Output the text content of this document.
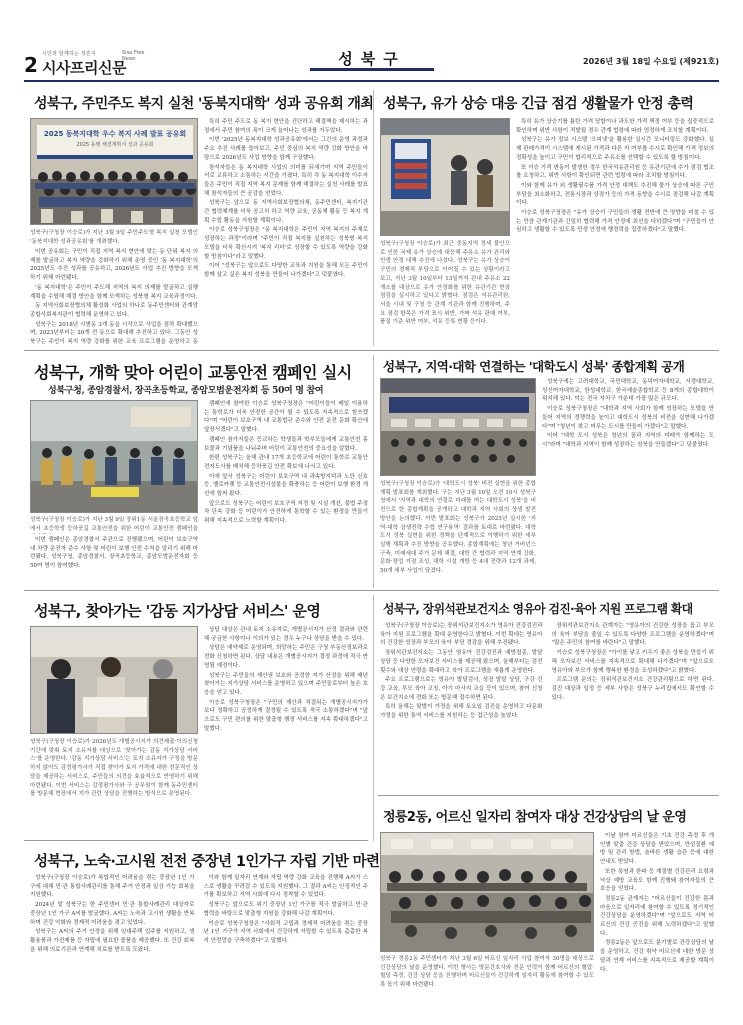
2 시민과 함께하는 정론지
시사프리신문
Sisa Free News	성북구	2026년 3월 18일 수요일 (제921호)
성북구, 주민주도 복지 실천 '동북지대학' 성과 공유회 개최
2025 동북지대학 우수 복지 사례 발표 공유회
2025 동행 해결계획서 성과 공유회
성북구(구청장 이승로)가 지난 3월 9일 주민주도형 복지 실천 모델인 '동북지대학 성과공유회'를 개최했다.

이번 공유회는 구민이 직접 지역 복지 현안에 맞는 동 단위 복지 의제를 발굴하고 복지 역량을 강화하기 위해 운영 중인 '동 복지대학'의 2025년도 추진 성과를 공유하고, 2026년도 사업 추진 방향을 모색하기 위해 마련됐다.

'동 복지대학'은 주민이 주도해 지역의 복지 의제를 발굴하고 실행 계획을 수립해 해결 방안을 함께 모색하는 성북형 복지 교육과정이다.

동 지역사회보장협의체 활성화 사업의 하나로 동주민센터와 관계망 종합사회복지관이 협력해 운영하고 있다.

성북구는 2018년 시범동 3개 동을 시작으로 사업을 점차 확대했으며, 2023년부터는 20개 전 동으로 확대해 추진하고 있다. 그동안 성북구는 주민이 복지 역량 강화를 위한 교육 프로그램을 운영하고 동

특히 주민 주도로 동 복지 현안을 진단하고 해결책을 제시하는 과정에서 주민 참여의 폭이 크게 늘어나는 성과를 거두었다.

이번 '2025년 동복지대학 성과공유회'에서는 그간의 운영 과정과 주요 추진 사례를 돌아보고, 주민 중심의 복지 역량 강화 방안을 바탕으로 2026년도 사업 방향을 함께 구상했다.

참석자들은 동 복지대학 사업의 의미를 되새기며 지역 주민들이 서로 교류하고 소통하는 시간을 가졌다. 특히 각 동 복지대학 이수자들은 주민이 직접 지역 복지 문제를 함께 해결하는 실천 사례를 발표해 참석자들의 큰 공감을 얻었다.

성북구는 앞으로 동 지역사회보장협의체, 동주민센터, 복지기관 간 협력체계를 더욱 공고히 하고 역량 교육, 공동체 활동 등 복지 계획 수립 활동을 지원할 계획이다.

이승로 성북구청장은 "동 복지대학은 주민이 지역 복지의 주체로 성장하는 과정"이라며 "주민이 직접 복지를 실천하는 성북형 복지 모델을 더욱 확산시켜 '복지 리더'로 성장할 수 있도록 역량을 강화할 방침이다"라고 말했다.

이어 "성북구는 앞으로도 다양한 교육과 지원을 통해 모든 주민이 함께 살고 싶은 복지 성북을 만들어 나가겠다"고 덧붙였다.

성북구, 유가 상승 대응 긴급 점검 생활물가 안정 총력
성북구(구청장 이승로)가 최근 중동지역 정세 불안으로 인한 국제 유가 상승에 대응해 주유소 유가 관리와 민생 안정 대책 추진에 나섰다. 성북구는 유가 상승이 구민의 경제적 부담으로 이어질 수 있는 상황이라고 보고, 지난 3월 10일부터 13일까지 관내 주유소 22개소를 대상으로 유가 안정화를 위한 유관기관 현장 점검을 실시하고 있다고 밝혔다. 점검은 석유관리원, 서울 시내 및 구청 등 관계 기관과 함께 진행하며, 주요 점검 항목은 가격 표시 위반, 가짜 석유 판매 여부, 품질 기준 위반 여부, 석유 등록 현황 등이다.

특히 유가 상승기를 틈탄 가격 담합이나 과도한 가격 책정 여부 등을 집중적으로 확인하며 위반 사항이 적발될 경우 관계 법령에 따라 엄정하게 조치할 계획이다.

성북구는 유가 정보 시스템 '오피넷'을 활용한 실시간 모니터링도 강화했다. 실제 판매가격이 시스템에 게시된 가격과 다른 지 여부를 수시로 확인해 가격 정보의 정확성을 높이고 구민이 합리적으로 주유소를 선택할 수 있도록 할 방침이다.

또 이승 가격 변동이 발생한 경우 한국석유관리원 등 유관기관에 추가 점검 협조를 요청하고, 위반 사항이 확인되면 관련 법령에 따라 조치할 방침이다.

이와 함께 유가 외 생활필수품 가격 안정 대책도 추진해 물가 상승에 따른 구민 부담을 최소화하고, 전통시장과 상점가 등의 가격 동향을 수시로 점검해 나갈 계획이다.

이승로 성북구청장은 "유가 상승이 구민들의 생활 전반에 큰 영향을 미칠 수 있는 만큼 관계기관과 긴밀히 협력해 가격 안정에 최선을 다하겠다"며 "구민들이 안심하고 생활할 수 있도록 민생 안정에 행정력을 집중하겠다"고 말했다.

성북구, 개학 맞아 어린이 교통안전 캠페인 실시
성북구청, 종암경찰서, 장곡초등학교, 종암모범운전자회 등 50여 명 참여
성북구(구청장 이승로)가 지난 3월 9일 장위1동 서울장곡초등학교 앞에서 초등학생 등하굣길 교통안전을 위한 어린이 교통안전 캠페인을

이번 캠페인은 종암경찰서 주관으로 진행됐으며, 어린이 보호구역 내 차량 운전자 준수 사항 및 어린이 보행 안전 수칙을 알리기 위해 마련됐다. 성북구청, 종암경찰서, 장곡초등학교, 종암모범운전자회 등 50여 명이 참여했다.

캠페인에 참여한 이승로 성북구청장은 "어린이들이 매일 이용하는 통학로가 더욱 안전한 공간이 될 수 있도록 지속적으로 힘쓰겠다"며 "어린이 보호구역 내 교통법규 준수와 안전 운전 문화 확산에 앞장서겠다"고 말했다.

캠페인 참가자들은 등교하는 학생들과 학부모들에게 교통안전 홍보물과 기념품을 나눠주며 어린이 교통안전의 중요성을 알렸다.

한편 성북구는 올해 관내 17개 초등학교에 어린이 통학로 교통안전지도사를 배치해 등하굣길 안전 확보에 나서고 있다.

이에 앞서 성북구는 어린이 보호구역 내 과속방지턱과 노란 신호등, 옐로카펫 등 교통안전시설물을 확충하는 등 어린이 보행 환경 개선에 힘써 왔다.

앞으로도 성북구는 어린이 보호구역 지정 및 시설 개선, 불법 주정차 단속 강화 등 어린이가 안전하게 통학할 수 있는 환경을 만들기 위해 지속적으로 노력할 계획이다.

성북구, 지역·대학 연결하는 '대학도시 성북' 종합계획 공개
성북구(구청장 이승로)가 '대학도시 성북' 비전 실현을 위한 종합계획 발표회를 개최했다. 구는 지난 3월 10일 오전 10시 성북구청에서 '지역과 대학의 연결로 미래를 여는 대학도시 성북'을 비전으로 한 종합계획을 공개하고 대학과 지역 사회의 상생 발전 방안을 논의했다. 이번 발표회는 성북구가 2025년 실시한 '지역-대학 상생전략 수립 연구용역' 결과를 토대로 마련됐다. 대학도시 성북 실현을 위한 정책을 단계적으로 이행하기 위한 세부 실행 계획과 추진 방향을 공유했다. 종합계획에는 청년 거버넌스 구축, 미래세대 주거 문제 해결, 대학 간 협력과 지역 연계 강화, 문화·창업 거점 조성, 대학 시설 개방 등 4대 전략과 12개 과제, 50개 세부 사업이 담겼다.

성북구에는 고려대학교, 국민대학교, 동덕여자대학교, 서경대학교, 성신여자대학교, 한성대학교, 한국예술종합학교 등 8개의 종합대학이 위치해 있다. 이는 전국 자치구 가운데 가장 많은 규모다.

이승로 성북구청장은 "대학과 지역 사회가 함께 성장하는 모델을 만들어 지역의 경쟁력을 높이고 대학도시 성북의 비전을 실현해 나가겠다"며 "청년이 찾고 머무는 도시를 만들어 가겠다"고 말했다.

이어 "대학 도시 성북은 청년의 꿈과 지역의 미래가 함께하는 도시"라며 "대학과 지역이 함께 성장하는 성북을 만들겠다"고 덧붙였다.

성북구, 찾아가는 '감동 지가상담 서비스' 운영
성북구(구청장 이승로)가 2026년도 개별공시지가 의견제출·이의신청 기간에 맞춰 토지 소유자를 대상으로 '찾아가는 감동 지가상담 서비스'를 운영한다. '감동 지가상담 서비스'는 토지 소유자가 구청을 방문하지 않아도 감정평가사가 직접 찾아가 토지 가격에 대한 전문적인 상담을 제공하는 서비스로, 주민들의 의견을 효율적으로 반영하기 위해 마련됐다. 이번 서비스는 감정평가사와 구 공무원이 함께 동주민센터를 방문해 현장에서 지가 관련 상담을 진행하는 방식으로 운영된다.

상담 대상은 관내 토지 소유자로, 개별공시지가 산정 결과와 관련해 궁금한 사항이나 이의가 있는 경우 누구나 상담을 받을 수 있다.

상담은 예약제로 운영되며, 희망하는 주민은 구청 부동산정보과로 전화 신청하면 된다. 상담 내용은 개별공시지가 결정 과정에 적극 반영될 예정이다.

성북구는 주민들의 재산권 보호와 공정한 지가 산정을 위해 매년 찾아가는 지가상담 서비스를 운영하고 있으며 주민들로부터 높은 호응을 얻고 있다.

이승로 성북구청장은 "구민의 재산과 직결되는 개별공시지가가 보다 정확하고 공정하게 결정될 수 있도록 적극 소통하겠다"며 "앞으로도 구민 편의를 위한 맞춤형 행정 서비스를 지속 확대하겠다"고 말했다.

성북구, 장위석관보건지소 영유아 검진·육아 지원 프로그램 확대

성북구(구청장 이승로)는 장위석관보건지소가 영유아 건강검진과 육아 지원 프로그램을 확대 운영한다고 밝혔다. 이번 확대는 영유아의 건강한 성장과 부모의 육아 부담 경감을 위해 추진됐다.

장위석관보건지소는 그동안 영유아 건강검진과 예방접종, 발달 상담 등 다양한 모자보건 서비스를 제공해 왔으며, 올해부터는 검진 횟수와 대상 연령을 확대하고 육아 프로그램을 새롭게 운영한다.

주요 프로그램으로는 영유아 발달검사, 성장 발달 상담, 구강 건강 교육, 부모 육아 코칭, 아기 마사지 교실 등이 있으며, 참여 신청은 보건지소에 전화 또는 방문해 접수하면 된다.

특히 올해는 맞벌이 가정을 위해 토요일 검진을 운영하고 다문화 가정을 위한 통역 서비스를 지원하는 등 접근성을 높였다.

장위석관보건지소 관계자는 "영유아의 건강한 성장을 돕고 부모의 육아 부담을 줄일 수 있도록 다양한 프로그램을 운영하겠다"며 "많은 주민의 참여를 바란다"고 말했다.

이승로 성북구청장은 "아이를 낳고 키우기 좋은 성북을 만들기 위해 모자보건 서비스를 지속적으로 확대해 나가겠다"며 "앞으로도 영유아와 부모가 함께 행복한 환경을 조성하겠다"고 밝혔다.

프로그램 문의는 장위석관보건지소 건강관리팀으로 하면 된다. 검진 대상과 일정 등 세부 사항은 성북구 누리집에서도 확인할 수 있다.

정릉2동, 어르신 일자리 참여자 대상 건강상담의 날 운영
성북구 정릉2동 주민센터가 지난 3월 6일 어르신 일자리 사업 참여자 30명을 대상으로 건강상담의 날을 운영했다. 이번 행사는 방문간호사와 전문 인력이 함께 어르신의 혈압·혈당 측정, 건강 상담 등을 진행하며 어르신들이 건강하게 일자리 활동에 참여할 수 있도록 돕기 위해 마련됐다.

이날 참여 어르신들은 기초 건강 측정 후 개인별 맞춤 건강 상담을 받았으며, 만성질환 예방 및 관리 방법, 올바른 생활 습관 등에 대한 안내도 받았다.

또한 폭염과 한파 등 계절별 건강관리 요령과 낙상 예방 교육도 함께 진행돼 참여자들의 큰 호응을 얻었다.

정릉2동 관계자는 "어르신들이 건강한 몸과 마음으로 일자리에 참여할 수 있도록 정기적인 건강상담을 운영하겠다"며 "앞으로도 지역 어르신의 건강 증진을 위해 노력하겠다"고 말했다.

정릉2동은 앞으로도 분기별로 건강상담의 날을 운영하고, 건강 취약 어르신에 대한 방문 상담과 연계 서비스를 지속적으로 제공할 계획이다.

성북구, 노숙·고시원 전전 중장년 1인가구 자립 기반 마련

성북구(구청장 이승로)가 복합적인 어려움을 겪는 중장년 1인 가구에 대해 민·관 통합사례관리를 통해 주거 안정과 일상 기능 회복을 지원했다.

2024년 말 성북구는 한 주민센터 민·관 통합사례관리 대상자로 중장년 1인 가구 A씨를 발굴했다. A씨는 노숙과 고시원 생활을 반복하며 건강 악화와 경제적 어려움을 겪고 있었다.

성북구는 A씨의 주거 안정을 위해 임대주택 입주를 지원하고, 생활용품과 가전제품 등 자립에 필요한 물품을 제공했다. 또 건강 회복을 위해 의료기관과 연계해 치료를 받도록 도왔다.

이와 함께 일자리 연계와 자립 역량 강화 교육을 진행해 A씨가 스스로 생활을 꾸려갈 수 있도록 지원했다. 그 결과 A씨는 안정적인 주거를 확보하고 지역 사회에 다시 정착할 수 있었다.

성북구는 앞으로도 위기 중장년 1인 가구를 적극 발굴하고 민·관 협력을 바탕으로 맞춤형 지원을 강화해 나갈 계획이다.

이승로 성북구청장은 "사회적 고립과 경제적 어려움을 겪는 중장년 1인 가구가 지역 사회에서 건강하게 자립할 수 있도록 촘촘한 복지 안전망을 구축하겠다"고 말했다.
